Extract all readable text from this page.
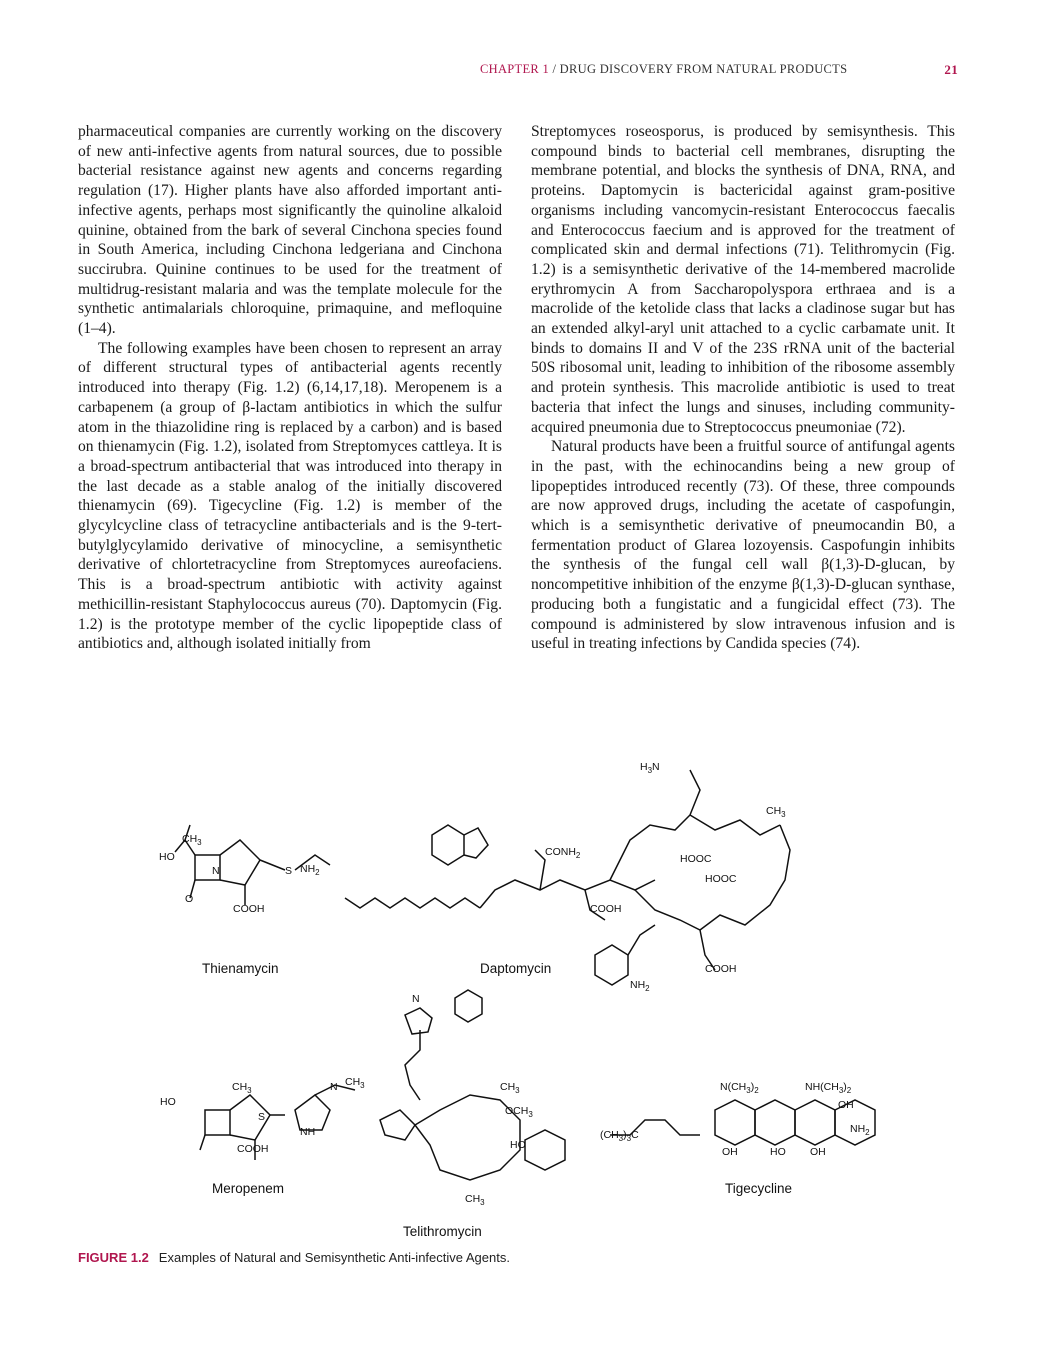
CHAPTER 1 / DRUG DISCOVERY FROM NATURAL PRODUCTS	21

pharmaceutical companies are currently working on the discovery of new anti-infective agents from natural sources, due to possible bacterial resistance against new agents and concerns regarding regulation (17). Higher plants have also afforded important anti-infective agents, perhaps most significantly the quinoline alkaloid quinine, obtained from the bark of several Cinchona species found in South America, including Cinchona ledgeriana and Cinchona succirubra. Quinine continues to be used for the treatment of multidrug-resistant malaria and was the template molecule for the synthetic antimalarials chloroquine, primaquine, and mefloquine (1–4).

The following examples have been chosen to represent an array of different structural types of antibacterial agents recently introduced into therapy (Fig. 1.2) (6,14,17,18). Meropenem is a carbapenem (a group of β-lactam antibiotics in which the sulfur atom in the thiazolidine ring is replaced by a carbon) and is based on thienamycin (Fig. 1.2), isolated from Streptomyces cattleya. It is a broad-spectrum antibacterial that was introduced into therapy in the last decade as a stable analog of the initially discovered thienamycin (69). Tigecycline (Fig. 1.2) is member of the glycylcycline class of tetracycline antibacterials and is the 9-tert-butylglycylamido derivative of minocycline, a semisynthetic derivative of chlortetracycline from Streptomyces aureofaciens. This is a broad-spectrum antibiotic with activity against methicillin-resistant Staphylococcus aureus (70). Daptomycin (Fig. 1.2) is the prototype member of the cyclic lipopeptide class of antibiotics and, although isolated initially from

Streptomyces roseosporus, is produced by semisynthesis. This compound binds to bacterial cell membranes, disrupting the membrane potential, and blocks the synthesis of DNA, RNA, and proteins. Daptomycin is bactericidal against gram-positive organisms including vancomycin-resistant Enterococcus faecalis and Enterococcus faecium and is approved for the treatment of complicated skin and dermal infections (71). Telithromycin (Fig. 1.2) is a semisynthetic derivative of the 14-membered macrolide erythromycin A from Saccharopolyspora erthraea and is a macrolide of the ketolide class that lacks a cladinose sugar but has an extended alkyl-aryl unit attached to a cyclic carbamate unit. It binds to domains II and V of the 23S rRNA unit of the bacterial 50S ribosomal unit, leading to inhibition of the ribosome assembly and protein synthesis. This macrolide antibiotic is used to treat bacteria that infect the lungs and sinuses, including community-acquired pneumonia due to Streptococcus pneumoniae (72).

Natural products have been a fruitful source of antifungal agents in the past, with the echinocandins being a new group of lipopeptides introduced recently (73). Of these, three compounds are now approved drugs, including the acetate of caspofungin, which is a semisynthetic derivative of pneumocandin B0, a fermentation product of Glarea lozoyensis. Caspofungin inhibits the synthesis of the fungal cell wall β(1,3)-D-glucan, by noncompetitive inhibition of the enzyme β(1,3)-D-glucan synthase, producing both a fungistatic and a fungicidal effect (73). The compound is administered by slow intravenous infusion and is useful in treating infections by Candida species (74).

$CH_3$
HO
N	S $NH_2$
COOH
O
$H_3N$
$CONH_2$	HOOC
HOOC
COOH
$NH_2$
COOH
$CH_3$
HO
$CH_3$
S
N $CH_3$
COOH
NH
N
$CH_3$
$OCH_3$
$CH_3$
HO
$(CH_3)_3C$
$N(CH_3)_2$	$NH(CH_3)_2$
$NH_2$
OH
OH	HO OH
Thienamycin	Daptomycin
Meropenem
Telithromycin
Tigecycline
FIGURE 1.2 Examples of Natural and Semisynthetic Anti-infective Agents.
